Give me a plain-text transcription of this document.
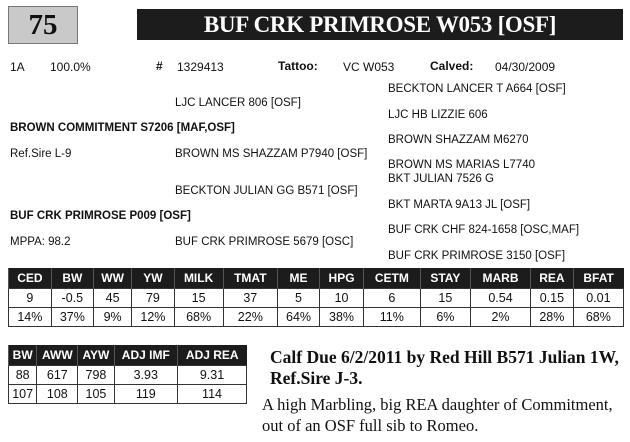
75	BUF CRK PRIMROSE W053 [OSF]
1A 100.0%	# 1329413	Tattoo: VC W053	Calved: 04/30/2009
BECKTON LANCER T A664 [OSF]
LJC LANCER 806 [OSF]
LJC HB LIZZIE 606
BROWN COMMITMENT S7206 [MAF,OSF]
BROWN SHAZZAM M6270
Ref.Sire L-9	BROWN MS SHAZZAM P7940 [OSF]
BROWN MS MARIAS L7740
BKT JULIAN 7526 G
BECKTON JULIAN GG B571 [OSF]
BKT MARTA 9A13 JL [OSF]
BUF CRK PRIMROSE P009 [OSF]
BUF CRK CHF 824-1658 [OSC,MAF]
MPPA: 98.2	BUF CRK PRIMROSE 5679 [OSC]
BUF CRK PRIMROSE 3150 [OSF]
CED	BW	WW	YW	MILK	TMAT	ME	HPG	CETM	STAY	MARB	REA	BFAT
9	-0.5	45	79	15	37	5	10	6	15	0.54	0.15	0.01
14%	37%	9%	12%	68%	22%	64%	38%	11%	6%	2%	28%	68%
BW	AWW	AYW	ADJ IMF	ADJ REA
88	617	798	3.93	9.31
107	108	105	119	114
Calf Due 6/2/2011 by Red Hill B571 Julian 1W, Ref.Sire J-3.
A high Marbling, big REA daughter of Commitment, out of an OSF full sib to Romeo.
